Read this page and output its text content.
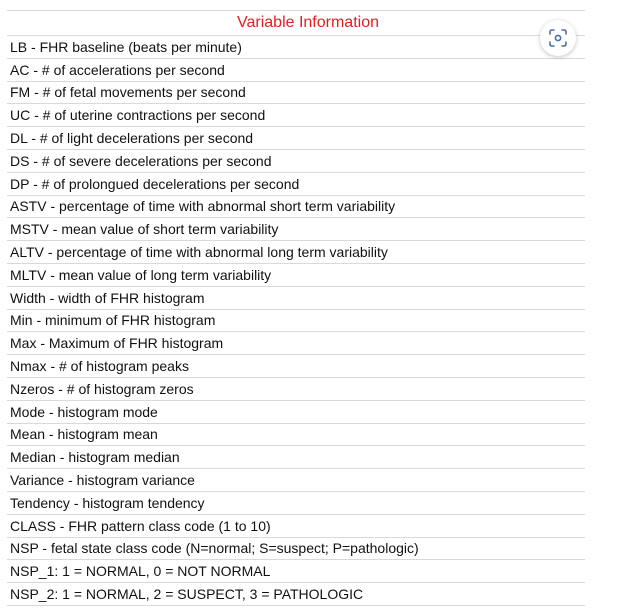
Variable Information
LB - FHR baseline (beats per minute)
AC - # of accelerations per second
FM - # of fetal movements per second
UC - # of uterine contractions per second
DL - # of light decelerations per second
DS - # of severe decelerations per second
DP - # of prolongued decelerations per second
ASTV - percentage of time with abnormal short term variability
MSTV - mean value of short term variability
ALTV - percentage of time with abnormal long term variability
MLTV - mean value of long term variability
Width - width of FHR histogram
Min - minimum of FHR histogram
Max - Maximum of FHR histogram
Nmax - # of histogram peaks
Nzeros - # of histogram zeros
Mode - histogram mode
Mean - histogram mean
Median - histogram median
Variance - histogram variance
Tendency - histogram tendency
CLASS - FHR pattern class code (1 to 10)
NSP - fetal state class code (N=normal; S=suspect; P=pathologic)
NSP_1: 1 = NORMAL, 0 = NOT NORMAL
NSP_2: 1 = NORMAL, 2 = SUSPECT, 3 = PATHOLOGIC
